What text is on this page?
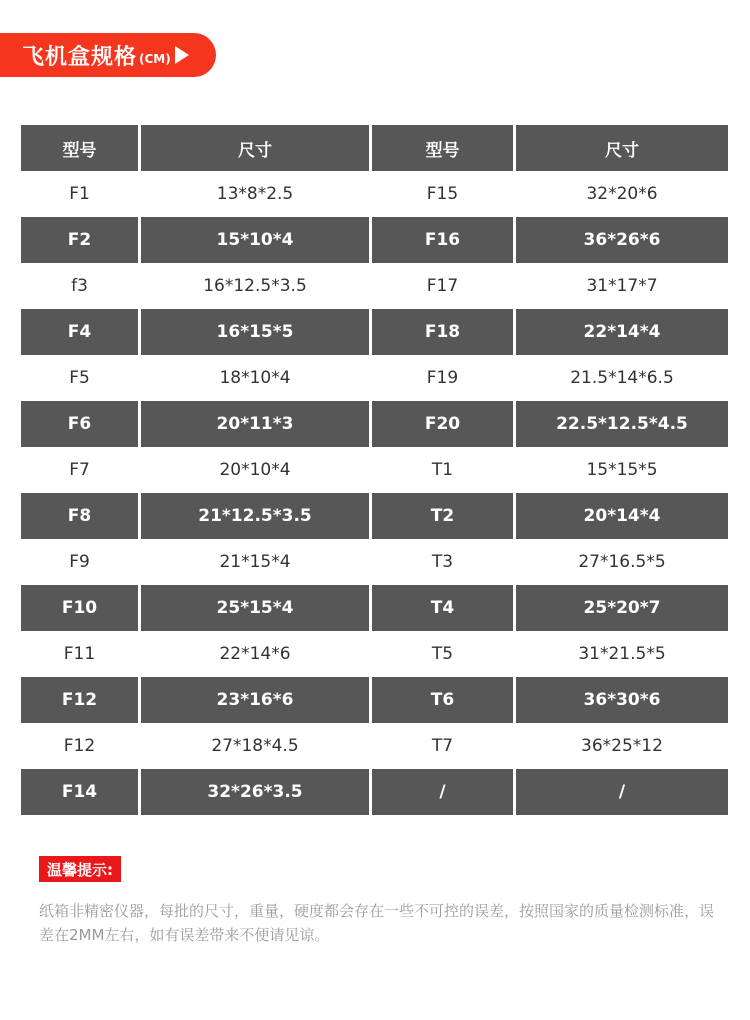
飞机盒规格 (CM)
型号	尺寸	型号	尺寸
F1	13*8*2.5	F15	32*20*6
F2	15*10*4	F16	36*26*6
f3	16*12.5*3.5	F17	31*17*7
F4	16*15*5	F18	22*14*4
F5	18*10*4	F19	21.5*14*6.5
F6	20*11*3	F20	22.5*12.5*4.5
F7	20*10*4	T1	15*15*5
F8	21*12.5*3.5	T2	20*14*4
F9	21*15*4	T3	27*16.5*5
F10	25*15*4	T4	25*20*7
F11	22*14*6	T5	31*21.5*5
F12	23*16*6	T6	36*30*6
F12	27*18*4.5	T7	36*25*12
F14	32*26*3.5	/	/
温馨提示:
纸箱非精密仪器，每批的尺寸，重量，硬度都会存在一些不可控的误差，按照国家的质量检测标准，误差在2MM左右，如有误差带来不便请见谅。
